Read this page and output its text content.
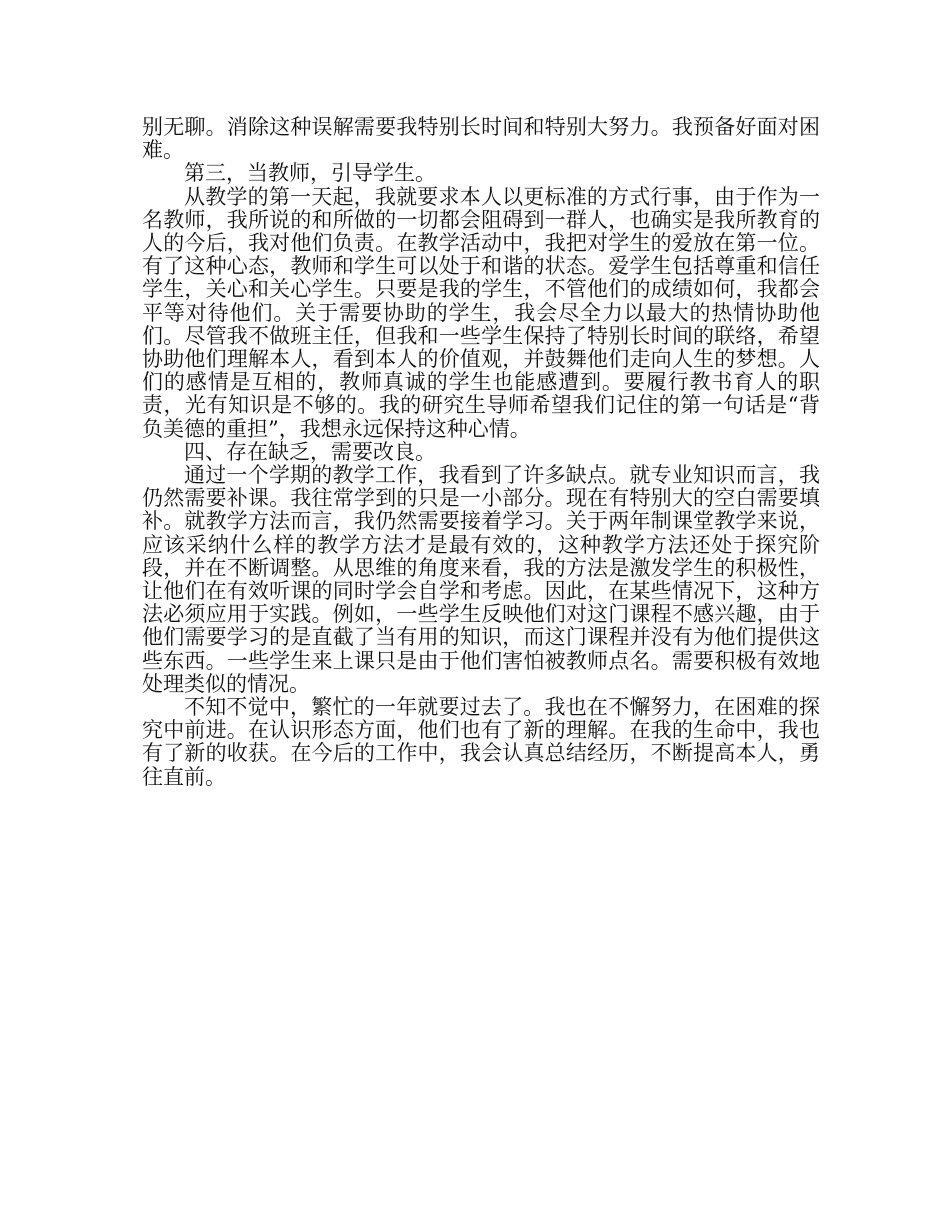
别无聊。消除这种误解需要我特别长时间和特别大努力。我预备好面对困难。

第三，当教师，引导学生。

从教学的第一天起，我就要求本人以更标准的方式行事，由于作为一名教师，我所说的和所做的一切都会阻碍到一群人，也确实是我所教育的人的今后，我对他们负责。在教学活动中，我把对学生的爱放在第一位。有了这种心态，教师和学生可以处于和谐的状态。爱学生包括尊重和信任学生，关心和关心学生。只要是我的学生，不管他们的成绩如何，我都会平等对待他们。关于需要协助的学生，我会尽全力以最大的热情协助他们。尽管我不做班主任，但我和一些学生保持了特别长时间的联络，希望协助他们理解本人，看到本人的价值观，并鼓舞他们走向人生的梦想。人们的感情是互相的，教师真诚的学生也能感遭到。要履行教书育人的职责，光有知识是不够的。我的研究生导师希望我们记住的第一句话是“背负美德的重担”，我想永远保持这种心情。

四、存在缺乏，需要改良。

通过一个学期的教学工作，我看到了许多缺点。就专业知识而言，我仍然需要补课。我往常学到的只是一小部分。现在有特别大的空白需要填补。就教学方法而言，我仍然需要接着学习。关于两年制课堂教学来说，应该采纳什么样的教学方法才是最有效的，这种教学方法还处于探究阶段，并在不断调整。从思维的角度来看，我的方法是激发学生的积极性，让他们在有效听课的同时学会自学和考虑。因此，在某些情况下，这种方法必须应用于实践。例如，一些学生反映他们对这门课程不感兴趣，由于他们需要学习的是直截了当有用的知识，而这门课程并没有为他们提供这些东西。一些学生来上课只是由于他们害怕被教师点名。需要积极有效地处理类似的情况。

不知不觉中，繁忙的一年就要过去了。我也在不懈努力，在困难的探究中前进。在认识形态方面，他们也有了新的理解。在我的生命中，我也有了新的收获。在今后的工作中，我会认真总结经历，不断提高本人，勇往直前。
